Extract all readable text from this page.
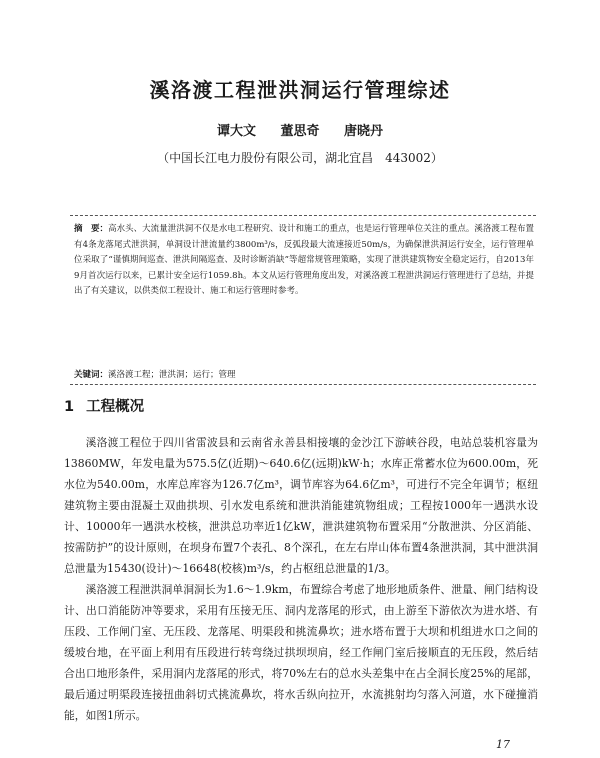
溪洛渡工程泄洪洞运行管理综述
谭大文 董思奇 唐晓丹
（中国长江电力股份有限公司，湖北宜昌　443002）
摘　要：高水头、大流量泄洪洞不仅是水电工程研究、设计和施工的重点，也是运行管理单位关注的重点。溪洛渡工程布置有4条龙落尾式泄洪洞，单洞设计泄流量约3800m³/s，反弧段最大流速接近50m/s，为确保泄洪洞运行安全，运行管理单位采取了“谨慎期间巡查、泄洪间隔巡查、及时诊断消缺”等超常规管理策略，实现了泄洪建筑物安全稳定运行，自2013年9月首次运行以来，已累计安全运行1059.8h。本文从运行管理角度出发，对溪洛渡工程泄洪洞运行管理进行了总结，并提出了有关建议，以供类似工程设计、施工和运行管理时参考。
关键词：溪洛渡工程；泄洪洞；运行；管理
1 工程概况

溪洛渡工程位于四川省雷波县和云南省永善县相接壤的金沙江下游峡谷段，电站总装机容量为13860MW，年发电量为575.5亿(近期)～640.6亿(远期)kW·h；水库正常蓄水位为600.00m，死水位为540.00m，水库总库容为126.7亿m³，调节库容为64.6亿m³，可进行不完全年调节；枢纽建筑物主要由混凝土双曲拱坝、引水发电系统和泄洪消能建筑物组成；工程按1000年一遇洪水设计、10000年一遇洪水校核，泄洪总功率近1亿kW，泄洪建筑物布置采用“分散泄洪、分区消能、按需防护”的设计原则，在坝身布置7个表孔、8个深孔，在左右岸山体布置4条泄洪洞，其中泄洪洞总泄量为15430(设计)～16648(校核)m³/s，约占枢纽总泄量的1/3。

溪洛渡工程泄洪洞单洞洞长为1.6～1.9km，布置综合考虑了地形地质条件、泄量、闸门结构设计、出口消能防冲等要求，采用有压接无压、洞内龙落尾的形式，由上游至下游依次为进水塔、有压段、工作闸门室、无压段、龙落尾、明渠段和挑流鼻坎；进水塔布置于大坝和机组进水口之间的缓坡台地，在平面上利用有压段进行转弯绕过拱坝坝肩，经工作闸门室后接顺直的无压段，然后结合出口地形条件，采用洞内龙落尾的形式，将70%左右的总水头差集中在占全洞长度25%的尾部，最后通过明渠段连接扭曲斜切式挑流鼻坎，将水舌纵向拉开，水流挑射均匀落入河道，水下碰撞消能，如图1所示。

17
